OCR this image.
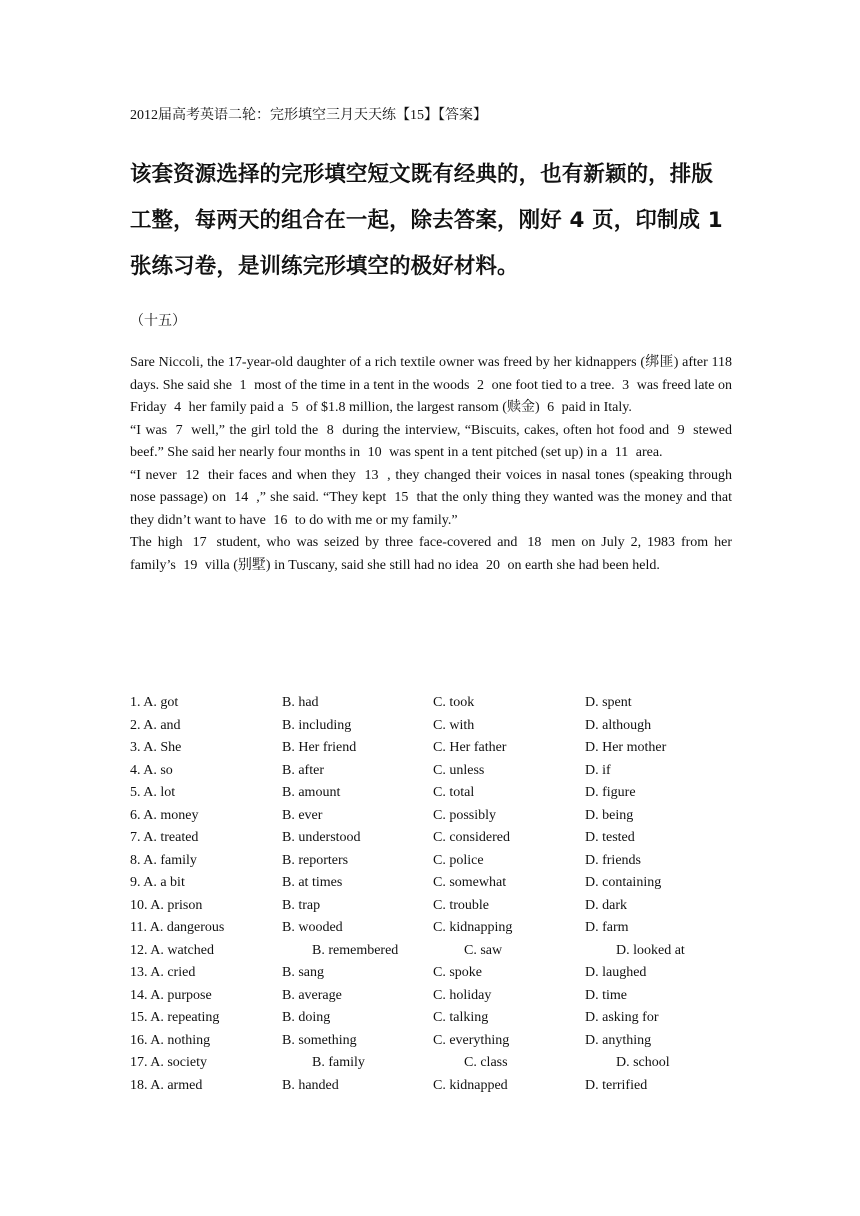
2012届高考英语二轮：完形填空三月天天练【15】【答案】
该套资源选择的完形填空短文既有经典的，也有新颖的，排版工整，每两天的组合在一起，除去答案，刚好 4 页，印制成 1 张练习卷，是训练完形填空的极好材料。
（十五）

Sare Niccoli, the 17-year-old daughter of a rich textile owner was freed by her kidnappers (绑匪) after 118 days. She said she 1 most of the time in a tent in the woods 2 one foot tied to a tree. 3 was freed late on Friday 4 her family paid a 5 of $1.8 million, the largest ransom (赎金) 6 paid in Italy.

“I was 7 well,” the girl told the 8 during the interview, “Biscuits, cakes, often hot food and 9 stewed beef.” She said her nearly four months in 10 was spent in a tent pitched (set up) in a 11 area.

“I never 12 their faces and when they 13 , they changed their voices in nasal tones (speaking through nose passage) on 14 ,” she said. “They kept 15 that the only thing they wanted was the money and that they didn’t want to have 16 to do with me or my family.”

The high 17 student, who was seized by three face-covered and 18 men on July 2, 1983 from her family’s 19 villa (别墅) in Tuscany, said she still had no idea 20 on earth she had been held.

1. A. got	B. had	C. took	D. spent
2. A. and	B. including	C. with	D. although
3. A. She	B. Her friend	C. Her father	D. Her mother
4. A. so	B. after	C. unless	D. if
5. A. lot	B. amount	C. total	D. figure
6. A. money	B. ever	C. possibly	D. being
7. A. treated	B. understood	C. considered	D. tested
8. A. family	B. reporters	C. police	D. friends
9. A. a bit	B. at times	C. somewhat	D. containing
10. A. prison	B. trap	C. trouble	D. dark
11. A. dangerous	B. wooded	C. kidnapping	D. farm
12. A. watched	B. remembered	C. saw	D. looked at
13. A. cried	B. sang	C. spoke	D. laughed
14. A. purpose	B. average	C. holiday	D. time
15. A. repeating	B. doing	C. talking	D. asking for
16. A. nothing	B. something	C. everything	D. anything
17. A. society	B. family	C. class	D. school
18. A. armed	B. handed	C. kidnapped	D. terrified
